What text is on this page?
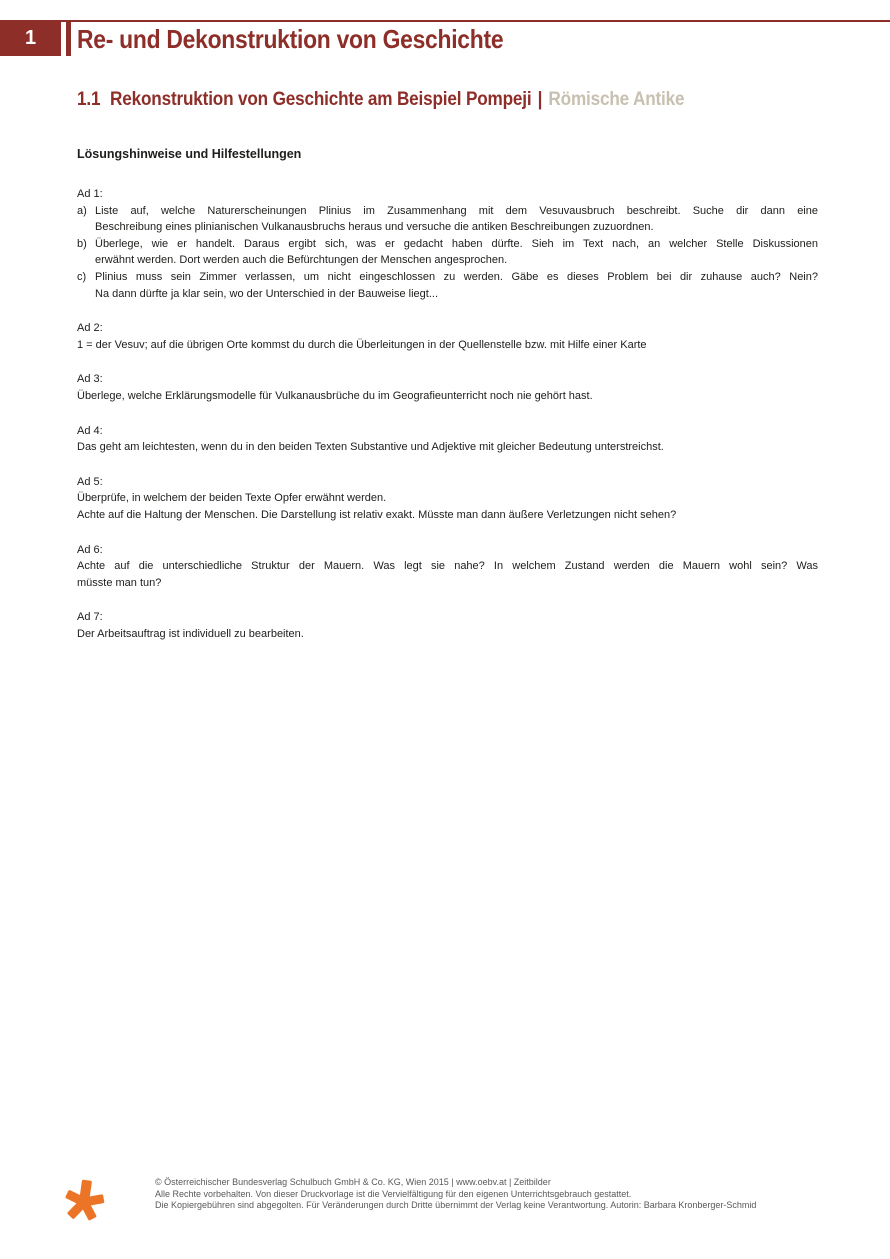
1	Re- und Dekonstruktion von Geschichte
1.1 Rekonstruktion von Geschichte am Beispiel Pompeji | Römische Antike
Lösungshinweise und Hilfestellungen
Ad 1:
a) Liste auf, welche Naturerscheinungen Plinius im Zusammenhang mit dem Vesuvausbruch beschreibt. Suche dir dann eine
Beschreibung eines plinianischen Vulkanausbruchs heraus und versuche die antiken Beschreibungen zuzuordnen.
b) Überlege, wie er handelt. Daraus ergibt sich, was er gedacht haben dürfte. Sieh im Text nach, an welcher Stelle Diskussionen
erwähnt werden. Dort werden auch die Befürchtungen der Menschen angesprochen.
c) Plinius muss sein Zimmer verlassen, um nicht eingeschlossen zu werden. Gäbe es dieses Problem bei dir zuhause auch? Nein?
Na dann dürfte ja klar sein, wo der Unterschied in der Bauweise liegt...
Ad 2:
1 = der Vesuv; auf die übrigen Orte kommst du durch die Überleitungen in der Quellenstelle bzw. mit Hilfe einer Karte
Ad 3:
Überlege, welche Erklärungsmodelle für Vulkanausbrüche du im Geografieunterricht noch nie gehört hast.
Ad 4:
Das geht am leichtesten, wenn du in den beiden Texten Substantive und Adjektive mit gleicher Bedeutung unterstreichst.
Ad 5:
Überprüfe, in welchem der beiden Texte Opfer erwähnt werden.
Achte auf die Haltung der Menschen. Die Darstellung ist relativ exakt. Müsste man dann äußere Verletzungen nicht sehen?
Ad 6:
Achte auf die unterschiedliche Struktur der Mauern. Was legt sie nahe? In welchem Zustand werden die Mauern wohl sein? Was
müsste man tun?
Ad 7:
Der Arbeitsauftrag ist individuell zu bearbeiten.
© Österreichischer Bundesverlag Schulbuch GmbH & Co. KG, Wien 2015 | www.oebv.at | Zeitbilder
Alle Rechte vorbehalten. Von dieser Druckvorlage ist die Vervielfältigung für den eigenen Unterrichtsgebrauch gestattet.
Die Kopiergebühren sind abgegolten. Für Veränderungen durch Dritte übernimmt der Verlag keine Verantwortung. Autorin: Barbara Kronberger-Schmid
